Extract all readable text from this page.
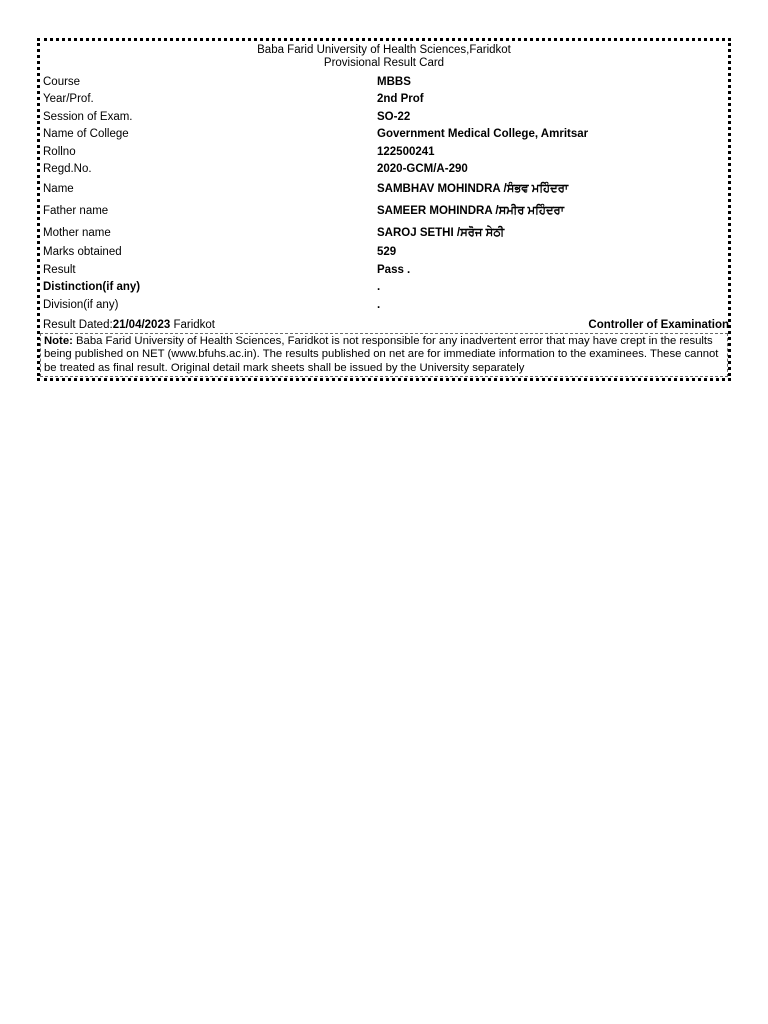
Baba Farid University of Health Sciences,Faridkot
Provisional Result Card
Course	MBBS
Year/Prof.	2nd Prof
Session of Exam.	SO-22
Name of College	Government Medical College, Amritsar
Rollno	122500241
Regd.No.	2020-GCM/A-290
Name	SAMBHAV MOHINDRA /ਸੰਭਵ ਮਹਿੰਦਰਾ
Father name	SAMEER MOHINDRA /ਸਮੀਰ ਮਹਿੰਦਰਾ
Mother name	SAROJ SETHI /ਸਰੋਜ ਸੇਠੀ
Marks obtained	529
Result	Pass .
Distinction(if any)	.
Division(if any)	.
Result Dated:21/04/2023 Faridkot	Controller of Examination
Note: Baba Farid University of Health Sciences, Faridkot is not responsible for any inadvertent error that may have crept in the results being published on NET (www.bfuhs.ac.in). The results published on net are for immediate information to the examinees. These cannot be treated as final result. Original detail mark sheets shall be issued by the University separately
